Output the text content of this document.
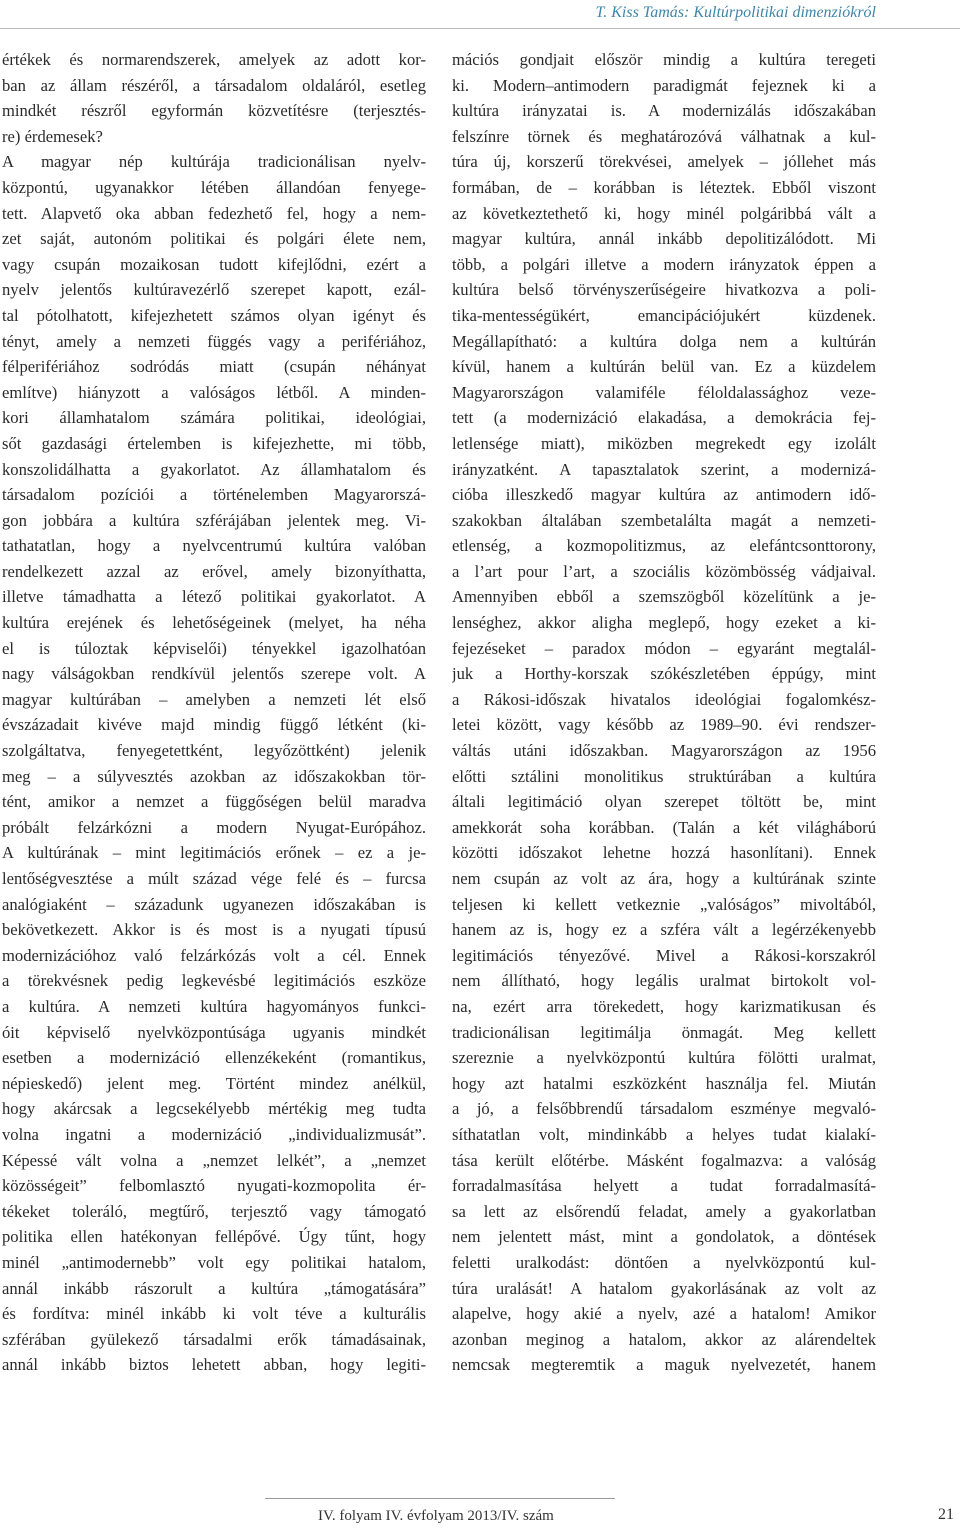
T. Kiss Tamás: Kultúrpolitikai dimenziókról
értékek és normarendszerek, amelyek az adott kor-
ban az állam részéről, a társadalom oldaláról, esetleg
mindkét részről egyformán közvetítésre (terjesztés-
re) érdemesek?
A magyar nép kultúrája tradicionálisan nyelv-
központú, ugyanakkor létében állandóan fenyege-
tett. Alapvető oka abban fedezhető fel, hogy a nem-
zet saját, autonóm politikai és polgári élete nem,
vagy csupán mozaikosan tudott kifejlődni, ezért a
nyelv jelentős kultúravezérlő szerepet kapott, ezál-
tal pótolhatott, kifejezhetett számos olyan igényt és
tényt, amely a nemzeti függés vagy a perifériához,
félperifériához sodródás miatt (csupán néhányat
említve) hiányzott a valóságos létből. A minden-
kori államhatalom számára politikai, ideológiai,
sőt gazdasági értelemben is kifejezhette, mi több,
konszolidálhatta a gyakorlatot. Az államhatalom és
társadalom pozíciói a történelemben Magyarorszá-
gon jobbára a kultúra szférájában jelentek meg. Vi-
tathatatlan, hogy a nyelvcentrumú kultúra valóban
rendelkezett azzal az erővel, amely bizonyíthatta,
illetve támadhatta a létező politikai gyakorlatot. A
kultúra erejének és lehetőségeinek (melyet, ha néha
el is túloztak képviselői) tényekkel igazolhatóan
nagy válságokban rendkívül jelentős szerepe volt. A
magyar kultúrában – amelyben a nemzeti lét első
évszázadait kivéve majd mindig függő létként (ki-
szolgáltatva, fenyegetettként, legyőzöttként) jelenik
meg – a súlyvesztés azokban az időszakokban tör-
tént, amikor a nemzet a függőségen belül maradva
próbált felzárkózni a modern Nyugat-Európához.
A kultúrának – mint legitimációs erőnek – ez a je-
lentőségvesztése a múlt század vége felé és – furcsa
analógiaként – századunk ugyanezen időszakában is
bekövetkezett. Akkor is és most is a nyugati típusú
modernizációhoz való felzárkózás volt a cél. Ennek
a törekvésnek pedig legkevésbé legitimációs eszköze
a kultúra. A nemzeti kultúra hagyományos funkci-
óit képviselő nyelvközpontúsága ugyanis mindkét
esetben a modernizáció ellenzékeként (romantikus,
népieskedő) jelent meg. Történt mindez anélkül,
hogy akárcsak a legcsekélyebb mértékig meg tudta
volna ingatni a modernizáció „individualizmusát”.
Képessé vált volna a „nemzet lelkét”, a „nemzet
közösségeit” felbomlasztó nyugati-kozmopolita ér-
tékeket toleráló, megtűrő, terjesztő vagy támogató
politika ellen hatékonyan fellépővé. Úgy tűnt, hogy
minél „antimodernebb” volt egy politikai hatalom,
annál inkább rászorult a kultúra „támogatására”
és fordítva: minél inkább ki volt téve a kulturális
szférában gyülekező társadalmi erők támadásainak,
annál inkább biztos lehetett abban, hogy legiti-
mációs gondjait először mindig a kultúra teregeti
ki. Modern–antimodern paradigmát fejeznek ki a
kultúra irányzatai is. A modernizálás időszakában
felszínre törnek és meghatározóvá válhatnak a kul-
túra új, korszerű törekvései, amelyek – jóllehet más
formában, de – korábban is léteztek. Ebből viszont
az következtethető ki, hogy minél polgáribbá vált a
magyar kultúra, annál inkább depolitizálódott. Mi
több, a polgári illetve a modern irányzatok éppen a
kultúra belső törvényszerűségeire hivatkozva a poli-
tika-mentességükért, emancipációjukért küzdenek.
Megállapítható: a kultúra dolga nem a kultúrán
kívül, hanem a kultúrán belül van. Ez a küzdelem
Magyarországon valamiféle féloldalassághoz veze-
tett (a modernizáció elakadása, a demokrácia fej-
letlensége miatt), miközben megrekedt egy izolált
irányzatként. A tapasztalatok szerint, a modernizá-
cióba illeszkedő magyar kultúra az antimodern idő-
szakokban általában szembetalálta magát a nemzeti-
etlenség, a kozmopolitizmus, az elefántcsonttorony,
a l’art pour l’art, a szociális közömbösség vádjaival.
Amennyiben ebből a szemszögből közelítünk a je-
lenséghez, akkor aligha meglepő, hogy ezeket a ki-
fejezéseket – paradox módon – egyaránt megtalál-
juk a Horthy-korszak szókészletében éppúgy, mint
a Rákosi-időszak hivatalos ideológiai fogalomkész-
letei között, vagy később az 1989–90. évi rendszer-
váltás utáni időszakban. Magyarországon az 1956
előtti sztálini monolitikus struktúrában a kultúra
általi legitimáció olyan szerepet töltött be, mint
amekkorát soha korábban. (Talán a két világháború
közötti időszakot lehetne hozzá hasonlítani). Ennek
nem csupán az volt az ára, hogy a kultúrának szinte
teljesen ki kellett vetkeznie „valóságos” mivoltából,
hanem az is, hogy ez a szféra vált a legérzékenyebb
legitimációs tényezővé. Mivel a Rákosi-korszakról
nem állítható, hogy legális uralmat birtokolt vol-
na, ezért arra törekedett, hogy karizmatikusan és
tradicionálisan legitimálja önmagát. Meg kellett
szereznie a nyelvközpontú kultúra fölötti uralmat,
hogy azt hatalmi eszközként használja fel. Miután
a jó, a felsőbbrendű társadalom eszménye megvaló-
síthatatlan volt, mindinkább a helyes tudat kialakí-
tása került előtérbe. Másként fogalmazva: a valóság
forradalmasítása helyett a tudat forradalmasítá-
sa lett az elsőrendű feladat, amely a gyakorlatban
nem jelentett mást, mint a gondolatok, a döntések
feletti uralkodást: döntően a nyelvközpontú kul-
túra uralását! A hatalom gyakorlásának az volt az
alapelve, hogy akié a nyelv, azé a hatalom! Amikor
azonban meginog a hatalom, akkor az alárendeltek
nemcsak megteremtik a maguk nyelvezetét, hanem
IV. folyam IV. évfolyam 2013/IV. szám	21
